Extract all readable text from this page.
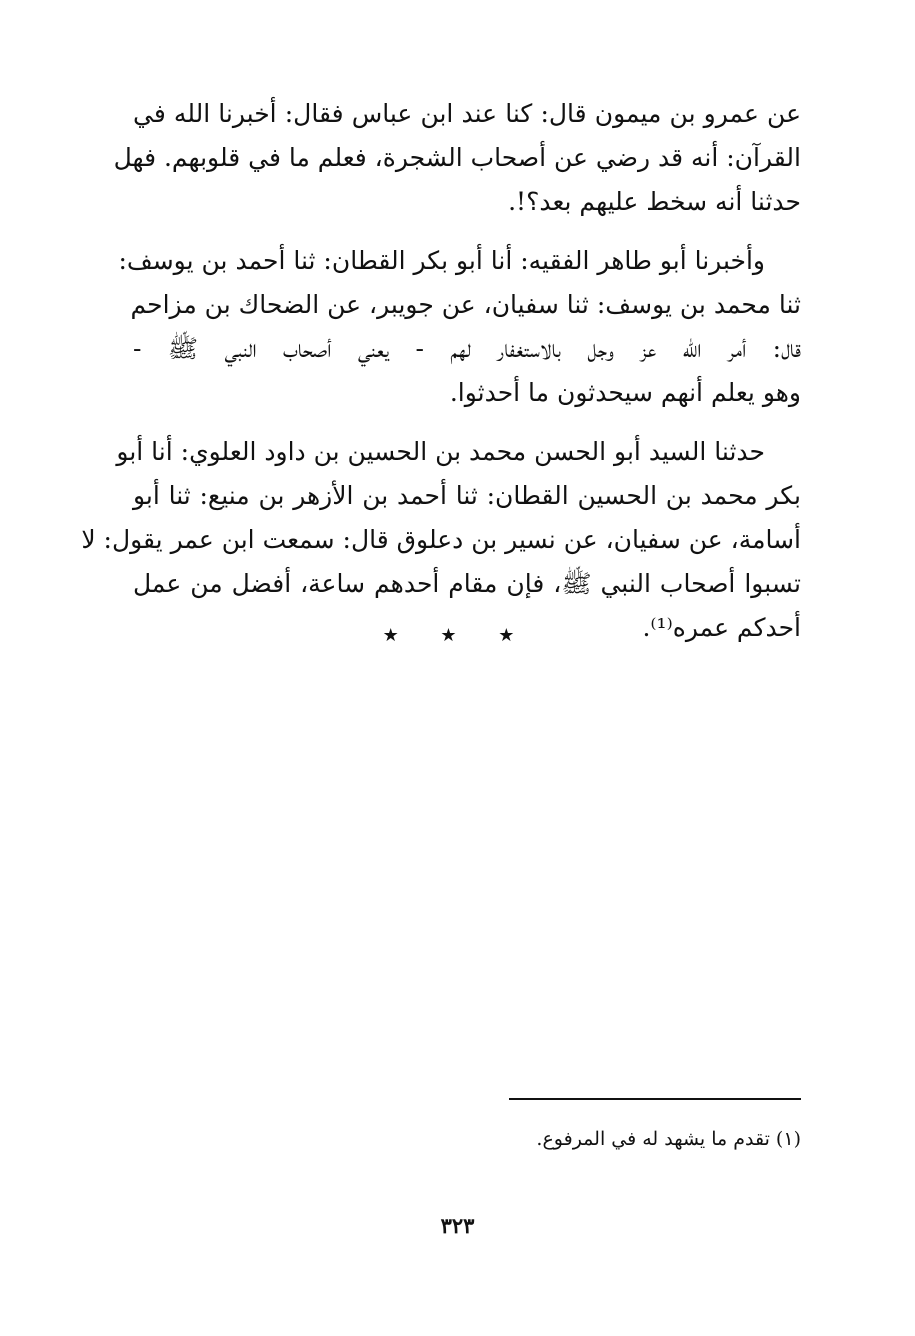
عن عمرو بن ميمون قال: كنا عند ابن عباس فقال: أخبرنا الله في
القرآن: أنه قد رضي عن أصحاب الشجرة، فعلم ما في قلوبهم. فهل
حدثنا أنه سخط عليهم بعد؟!.

وأخبرنا أبو طاهر الفقيه: أنا أبو بكر القطان: ثنا أحمد بن يوسف:
ثنا محمد بن يوسف: ثنا سفيان، عن جويبر، عن الضحاك بن مزاحم
قال: أمر الله عز وجل بالاستغفار لهم - يعني أصحاب النبي ﷺ -
وهو يعلم أنهم سيحدثون ما أحدثوا.

حدثنا السيد أبو الحسن محمد بن الحسين بن داود العلوي: أنا أبو
بكر محمد بن الحسين القطان: ثنا أحمد بن الأزهر بن منيع: ثنا أبو
أسامة، عن سفيان، عن نسير بن دعلوق قال: سمعت ابن عمر يقول: لا
تسبوا أصحاب النبي ﷺ، فإن مقام أحدهم ساعة، أفضل من عمل
أحدكم عمره⁽¹⁾.

★ ★ ★
(١) تقدم ما يشهد له في المرفوع.
٣٢٣
